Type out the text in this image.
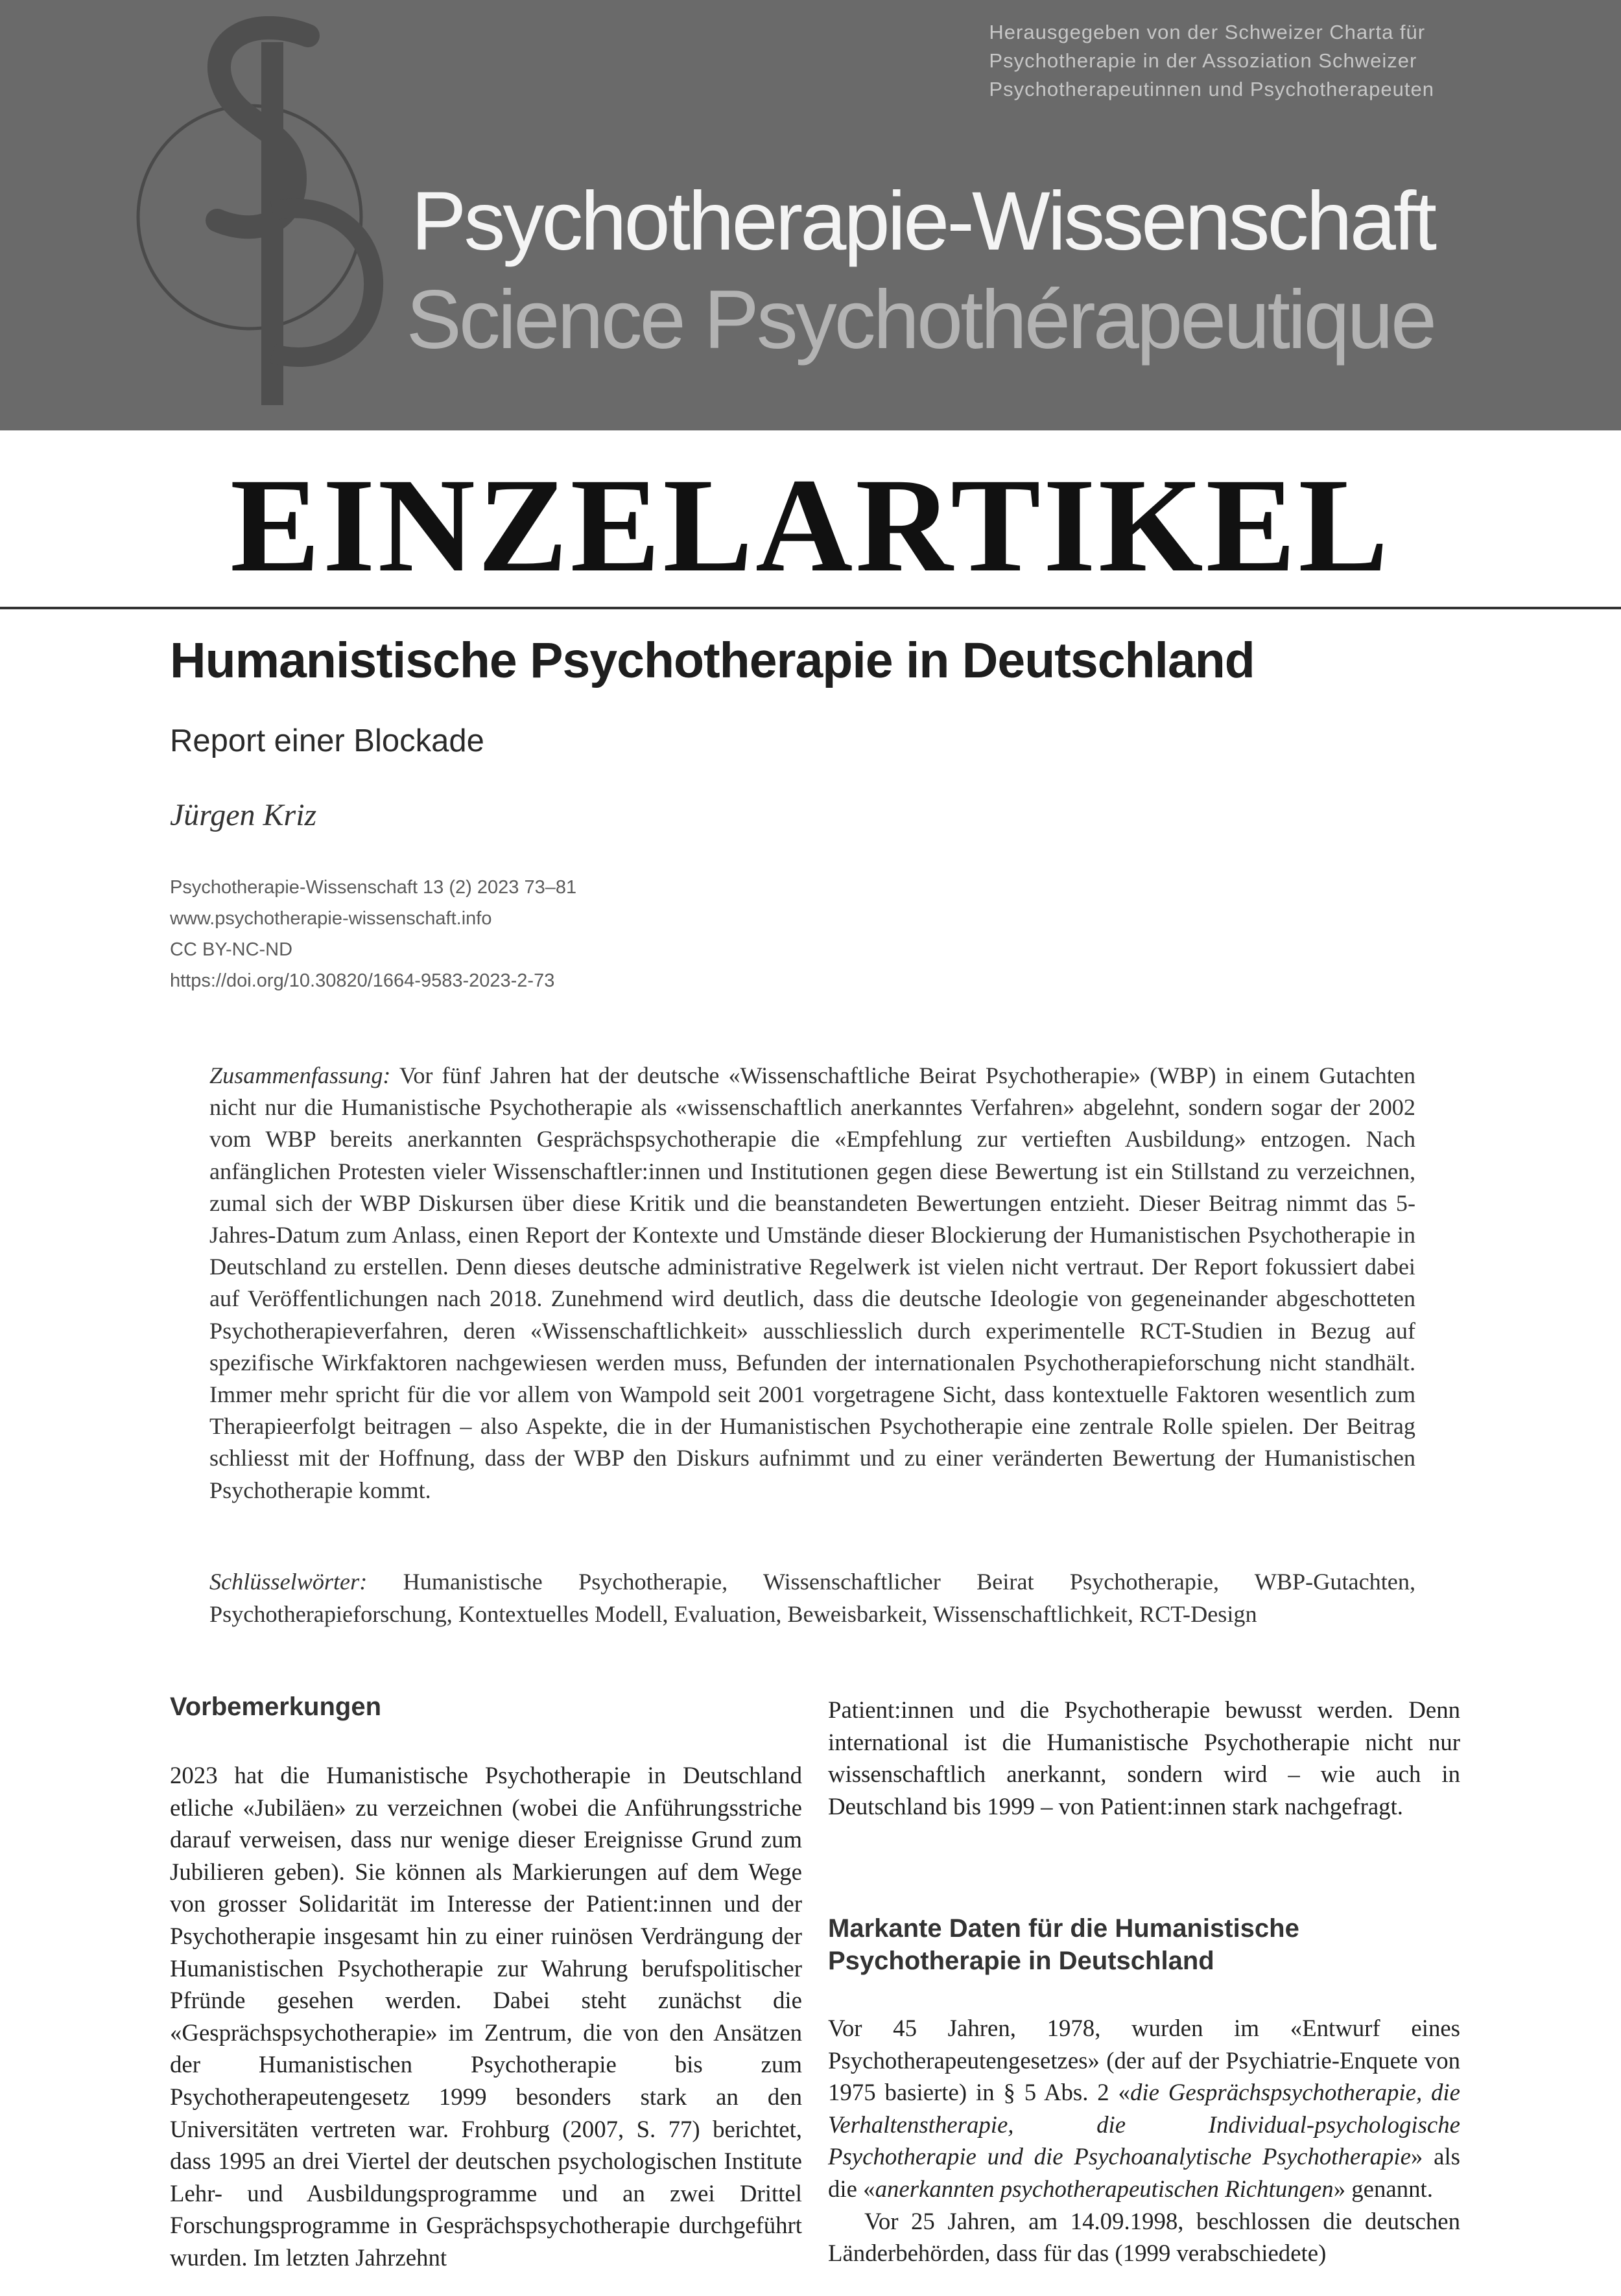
Herausgegeben von der Schweizer Charta für
Psychotherapie in der Assoziation Schweizer
Psychotherapeutinnen und Psychotherapeuten
Psychotherapie-Wissenschaft
Science Psychothérapeutique
EINZELARTIKEL
Humanistische Psychotherapie in Deutschland
Report einer Blockade
Jürgen Kriz
Psychotherapie-Wissenschaft 13 (2) 2023 73–81
www.psychotherapie-wissenschaft.info
CC BY-NC-ND
https://doi.org/10.30820/1664-9583-2023-2-73
Zusammenfassung: Vor fünf Jahren hat der deutsche «Wissenschaftliche Beirat Psychotherapie» (WBP) in einem Gutachten nicht nur die Humanistische Psychotherapie als «wissenschaftlich anerkanntes Verfahren» abgelehnt, sondern sogar der 2002 vom WBP bereits anerkannten Gesprächspsychotherapie die «Empfehlung zur vertieften Ausbildung» entzogen. Nach anfänglichen Protesten vieler Wissenschaftler:innen und Institutionen gegen diese Bewertung ist ein Stillstand zu verzeichnen, zumal sich der WBP Diskursen über diese Kritik und die beanstandeten Bewertungen entzieht. Dieser Beitrag nimmt das 5-Jahres-Datum zum Anlass, einen Report der Kontexte und Umstände dieser Blockierung der Humanistischen Psychotherapie in Deutschland zu erstellen. Denn dieses deutsche administrative Regelwerk ist vielen nicht vertraut. Der Report fokussiert dabei auf Veröffentlichungen nach 2018. Zunehmend wird deutlich, dass die deutsche Ideologie von gegeneinander abgeschotteten Psychotherapieverfahren, deren «Wissenschaftlichkeit» ausschliesslich durch experimentelle RCT-Studien in Bezug auf spezifische Wirkfaktoren nachgewiesen werden muss, Befunden der internationalen Psychotherapieforschung nicht standhält. Immer mehr spricht für die vor allem von Wampold seit 2001 vorgetragene Sicht, dass kontextuelle Faktoren wesentlich zum Therapieerfolgt beitragen – also Aspekte, die in der Humanistischen Psychotherapie eine zentrale Rolle spielen. Der Beitrag schliesst mit der Hoffnung, dass der WBP den Diskurs aufnimmt und zu einer veränderten Bewertung der Humanistischen Psychotherapie kommt.
Schlüsselwörter: Humanistische Psychotherapie, Wissenschaftlicher Beirat Psychotherapie, WBP-Gutachten, Psychotherapieforschung, Kontextuelles Modell, Evaluation, Beweisbarkeit, Wissenschaftlichkeit, RCT-Design
Vorbemerkungen
2023 hat die Humanistische Psychotherapie in Deutschland etliche «Jubiläen» zu verzeichnen (wobei die Anführungsstriche darauf verweisen, dass nur wenige dieser Ereignisse Grund zum Jubilieren geben). Sie können als Markierungen auf dem Wege von grosser Solidarität im Interesse der Patient:innen und der Psychotherapie insgesamt hin zu einer ruinösen Verdrängung der Humanistischen Psychotherapie zur Wahrung berufspolitischer Pfründe gesehen werden. Dabei steht zunächst die «Gesprächspsychotherapie» im Zentrum, die von den Ansätzen der Humanistischen Psychotherapie bis zum Psychotherapeutengesetz 1999 besonders stark an den Universitäten vertreten war. Frohburg (2007, S. 77) berichtet, dass 1995 an drei Viertel der deutschen psychologischen Institute Lehr- und Ausbildungsprogramme und an zwei Drittel Forschungsprogramme in Gesprächspsychotherapie durchgeführt wurden. Im letzten Jahrzehnt
Patient:innen und die Psychotherapie bewusst werden. Denn international ist die Humanistische Psychotherapie nicht nur wissenschaftlich anerkannt, sondern wird – wie auch in Deutschland bis 1999 – von Patient:innen stark nachgefragt.
Markante Daten für die Humanistische Psychotherapie in Deutschland

Vor 45 Jahren, 1978, wurden im «Entwurf eines Psychotherapeutengesetzes» (der auf der Psychiatrie-Enquete von 1975 basierte) in § 5 Abs. 2 «die Gesprächspsychotherapie, die Verhaltenstherapie, die Individual-psychologische Psychotherapie und die Psychoanalytische Psychotherapie» als die «anerkannten psychotherapeutischen Richtungen» genannt.

Vor 25 Jahren, am 14.09.1998, beschlossen die deutschen Länderbehörden, dass für das (1999 verabschiedete)
